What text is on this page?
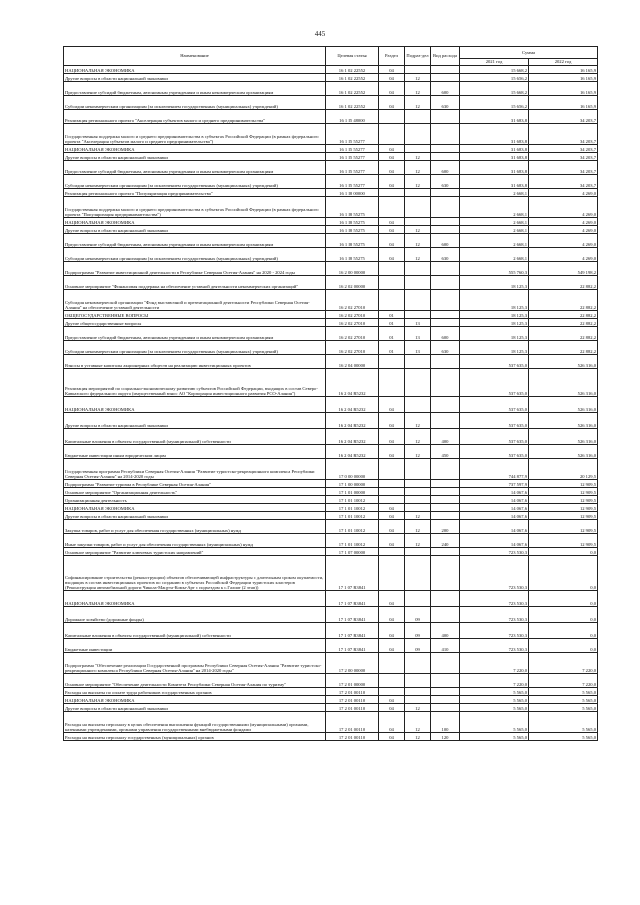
445
Наименование	Целевая статья	Раздел	Подраз-дел	Вид расхода	Сумма	
					2021 год	2022 год
НАЦИОНАЛЬНАЯ ЭКОНОМИКА	16 1 02 22552	04			15 668,2	16 165,9
Другие вопросы в области национальной экономики	16 1 02 22552	04	12		15 656,2	16 165,9
Предоставление субсидий бюджетным, автономным учреждениям и иным некоммерческим организациям	16 1 02 22552	04	12	600	15 668,2	16 165,9
Субсидии некоммерческим организациям (за исключением государственных (муниципальных) учреждений)	16 1 02 22552	04	12	630	15 656,2	16 165,9
Реализация регионального проекта "Акселерация субъектов малого и среднего предпринимательства"	16 1 I5 48000				31 683,8	34 203,7
Государственная поддержка малого и среднего предпринимательства в субъектах Российской Федерации (в рамках федерального проекта "Акселерация субъектов малого и среднего предпринимательства")	16 1 I5 55277				31 683,8	34 203,7
НАЦИОНАЛЬНАЯ ЭКОНОМИКА	16 1 I5 55277	04			31 683,8	34 203,7
Другие вопросы в области национальной экономики	16 1 I5 55277	04	12		31 683,8	34 203,7
Предоставление субсидий бюджетным, автономным учреждениям и иным некоммерческим организациям	16 1 I5 55277	04	12	600	31 683,8	34 203,7
Субсидии некоммерческим организациям (за исключением государственных (муниципальных) учреждений)	16 1 I5 55277	04	12	630	31 683,8	34 203,7
Реализация регионального проекта "Популяризация предпринимательства"	16 1 I8 00000				2 668,1	4 269,0
Государственная поддержка малого и среднего предпринимательства в субъектах Российской Федерации (в рамках федерального проекта "Популяризация предпринимательства")	16 1 I8 55275				2 668,1	4 269,0
НАЦИОНАЛЬНАЯ ЭКОНОМИКА	16 1 I8 55275	04			2 668,1	4 269,0
Другие вопросы в области национальной экономики	16 1 I8 55275	04	12		2 668,1	4 269,0
Предоставление субсидий бюджетным, автономным учреждениям и иным некоммерческим организациям	16 1 I8 55275	04	12	600	2 668,1	4 269,0
Субсидии некоммерческим организациям (за исключением государственных (муниципальных) учреждений)	16 1 I8 55275	04	12	630	2 668,1	4 269,0
Подпрограмма "Развитие инвестиционной деятельности в Республике Северная Осетия-Алания" на 2020 - 2024 годы	16 2 00 00000				555 760,3	549 198,2
Основное мероприятие "Финансовая поддержка на обеспечение уставной деятельности некоммерческих организаций"	16 2 02 00000				18 125,3	22 882,2
Субсидия некоммерческой организации "Фонд выставочной и презентационной деятельности Республики Северная Осетия-Алания" на обеспечение уставной деятельности	16 2 02 27010				18 125,3	22 882,2
ОБЩЕГОСУДАРСТВЕННЫЕ ВОПРОСЫ	16 2 02 27010	01			18 125,3	22 882,2
Другие общегосударственные вопросы	16 2 02 27010	01	13		18 125,3	22 882,2
Предоставление субсидий бюджетным, автономным учреждениям и иным некоммерческим организациям	16 2 02 27010	01	13	600	18 125,3	22 882,2
Субсидии некоммерческим организациям (за исключением государственных (муниципальных) учреждений)	16 2 02 27010	01	13	630	18 125,3	22 882,2
Взносы в уставные капиталы акционерных обществ на реализацию инвестиционных проектов	16 2 04 00000				537 635,0	526 316,0
Реализация мероприятий по социально-экономическому развитию субъектов Российской Федерации, входящих в состав Северо-Кавказского федерального округа (имущественный взнос АО "Корпорация инвестиционного развития РСО-Алания")	16 2 04 R5232				537 635,0	526 316,0
НАЦИОНАЛЬНАЯ ЭКОНОМИКА	16 2 04 R5232	04			537 635,0	526 316,0
Другие вопросы в области национальной экономики	16 2 04 R5232	04	12		537 635,0	526 316,0
Капитальные вложения в объекты государственной (муниципальной) собственности	16 2 04 R5232	04	12	400	537 635,0	526 316,0
Бюджетные инвестиции иным юридическим лицам	16 2 04 R5232	04	12	450	537 635,0	526 316,0
Государственная программа Республики Северная Осетия-Алания "Развитие туристско-рекреационного комплекса Республики Северная Осетия-Алания" на 2014-2020 годы	17 0 00 00000				744 877,9	20 129,5
Подпрограмма "Развитие туризма в Республике Северная Осетия-Алания"	17 1 00 00000				737 597,9	12 909,5
Основное мероприятие "Организационная деятельность"	17 1 01 00000				14 067,6	12 909,5
Организационная деятельность	17 1 01 10012				14 067,6	12 909,5
НАЦИОНАЛЬНАЯ ЭКОНОМИКА	17 1 01 10012	04			14 067,6	12 909,5
Другие вопросы в области национальной экономики	17 1 01 10012	04	12		14 067,6	12 909,5
Закупка товаров, работ и услуг для обеспечения государственных (муниципальных) нужд	17 1 01 10012	04	12	200	14 067,6	12 909,5
Иные закупки товаров, работ и услуг для обеспечения государственных (муниципальных) нужд	17 1 01 10012	04	12	240	14 067,6	12 909,5
Основное мероприятие "Развитие ключевых туристских направлений"	17 1 07 00000				723 530,3	0,0
Софинансирование строительства (реконструкции) объектов обеспечивающей инфраструктуры с длительным сроком окупаемости, входящих в состав инвестиционных проектов по созданию в субъектах Российской Федерации туристских кластеров (Реконструкция автомобильной дороги Чикола-Мацута-Комы-Арт с подъездом к с.Галиат (2 этап))	17 1 07 R3841				723 530,3	0,0
НАЦИОНАЛЬНАЯ ЭКОНОМИКА	17 1 07 R3841	04			723 530,3	0,0
Дорожное хозяйство (дорожные фонды)	17 1 07 R3841	04	09		723 530,3	0,0
Капитальные вложения в объекты государственной (муниципальной) собственности	17 1 07 R3841	04	09	400	723 530,3	0,0
Бюджетные инвестиции	17 1 07 R3841	04	09	410	723 530,3	0,0
Подпрограмма "Обеспечение реализации Государственной программы Республики Северная Осетия-Алания "Развитие туристско-рекреационного комплекса Республики Северная Осетия-Алания" на 2014-2020 годы"	17 2 00 00000				7 220,0	7 220,0
Основное мероприятие "Обеспечение деятельности Комитета Республики Северная Осетия-Алания по туризму"	17 2 01 00000				7 220,0	7 220,0
Расходы на выплаты по оплате труда работников государственных органов	17 2 01 00110				5 565,0	5 565,0
НАЦИОНАЛЬНАЯ ЭКОНОМИКА	17 2 01 00110	04			5 565,0	5 565,0
Другие вопросы в области национальной экономики	17 2 01 00110	04	12		5 565,0	5 565,0
Расходы на выплаты персоналу в целях обеспечения выполнения функций государственными (муниципальными) органами, казенными учреждениями, органами управления государственными внебюджетными фондами	17 2 01 00110	04	12	100	5 565,0	5 565,0
Расходы на выплаты персоналу государственных (муниципальных) органов	17 2 01 00110	04	12	120	5 565,0	5 565,0
